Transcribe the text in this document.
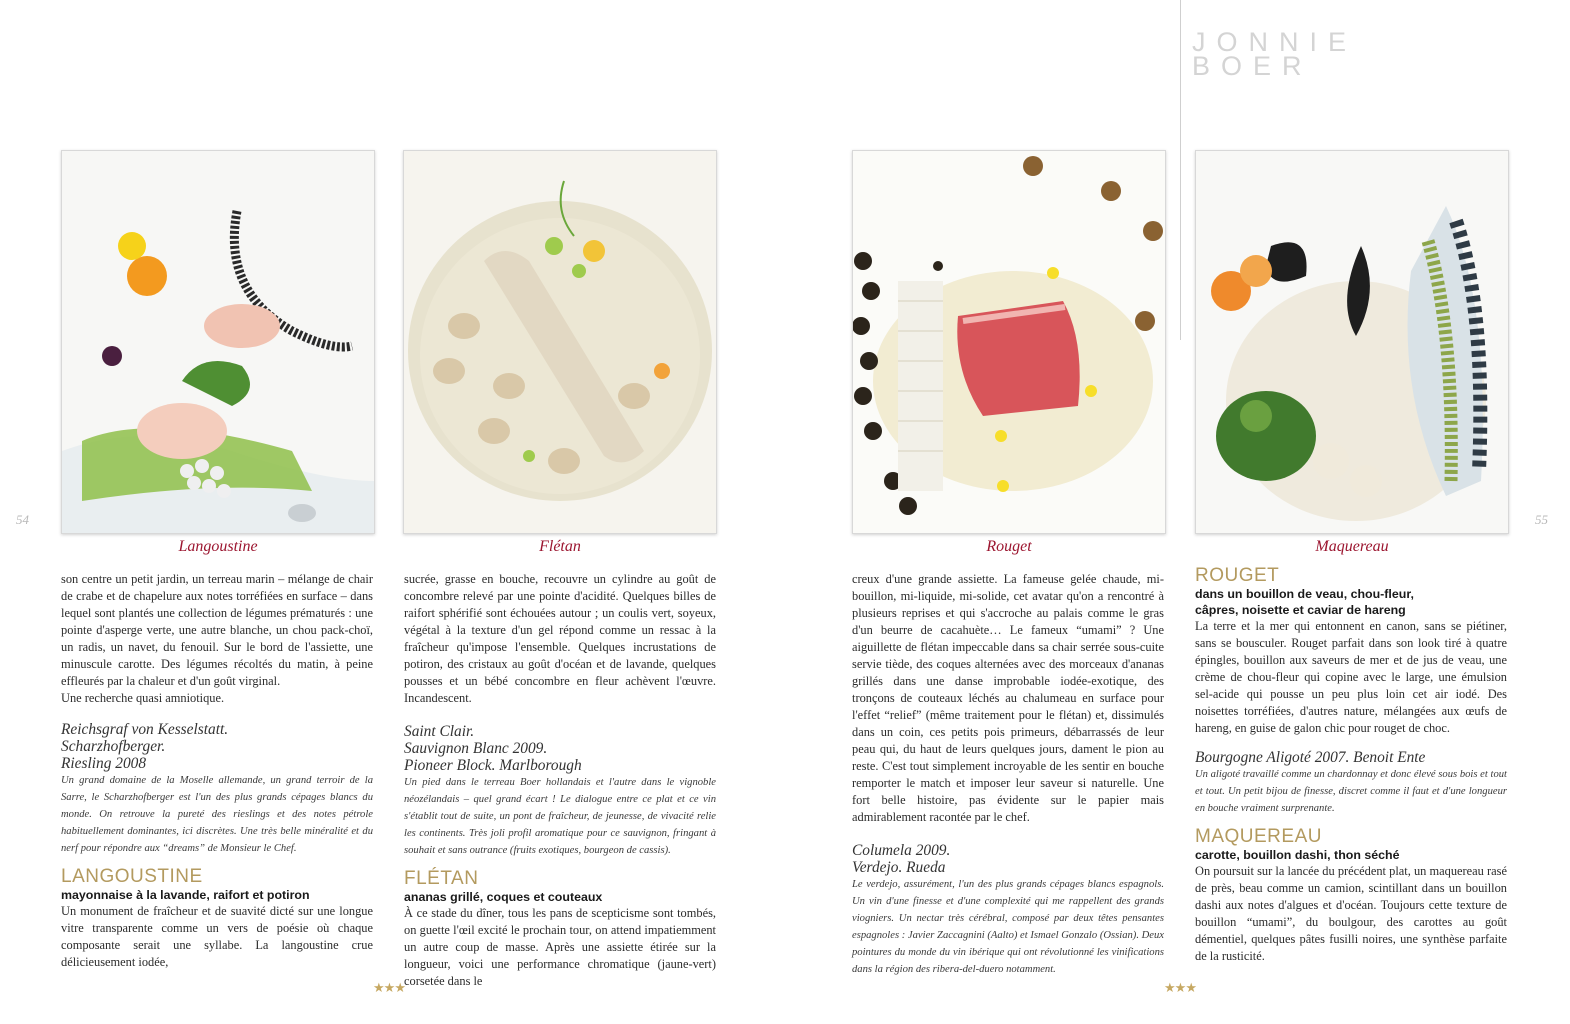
JONNIE
BOER
54	55
Langoustine	Flétan	Rouget	Maquereau

son centre un petit jardin, un terreau marin – mélange de chair de crabe et de chapelure aux notes torréfiées en surface – dans lequel sont plantés une collection de légumes prématurés : une pointe d'asperge verte, une autre blanche, un chou pack-choï, un radis, un navet, du fenouil. Sur le bord de l'assiette, une minuscule carotte. Des légumes récoltés du matin, à peine effleurés par la chaleur et d'un goût virginal.

Une recherche quasi amniotique.

Reichsgraf von Kesselstatt.

Scharzhofberger.

Riesling 2008

Un grand domaine de la Moselle allemande, un grand terroir de la Sarre, le Scharzhofberger est l'un des plus grands cépages blancs du monde. On retrouve la pureté des rieslings et des notes pétrole habituellement dominantes, ici discrètes. Une très belle minéralité et du nerf pour répondre aux “dreams” de Monsieur le Chef.

LANGOUSTINE

mayonnaise à la lavande, raifort et potiron

Un monument de fraîcheur et de suavité dicté sur une longue vitre transparente comme un vers de poésie où chaque composante serait une syllabe. La langoustine crue délicieusement iodée,

sucrée, grasse en bouche, recouvre un cylindre au goût de concombre relevé par une pointe d'acidité. Quelques billes de raifort sphérifié sont échouées autour ; un coulis vert, soyeux, végétal à la texture d'un gel répond comme un ressac à la fraîcheur qu'impose l'ensemble. Quelques incrustations de potiron, des cristaux au goût d'océan et de lavande, quelques pousses et un bébé concombre en fleur achèvent l'œuvre. Incandescent.

Saint Clair.

Sauvignon Blanc 2009.

Pioneer Block. Marlborough

Un pied dans le terreau Boer hollandais et l'autre dans le vignoble néozélandais – quel grand écart ! Le dialogue entre ce plat et ce vin s'établit tout de suite, un pont de fraîcheur, de jeunesse, de vivacité relie les continents. Très joli profil aromatique pour ce sauvignon, fringant à souhait et sans outrance (fruits exotiques, bourgeon de cassis).

FLÉTAN

ananas grillé, coques et couteaux

À ce stade du dîner, tous les pans de scepticisme sont tombés, on guette l'œil excité le prochain tour, on attend impatiemment un autre coup de masse. Après une assiette étirée sur la longueur, voici une performance chromatique (jaune-vert) corsetée dans le

creux d'une grande assiette. La fameuse gelée chaude, mi-bouillon, mi-liquide, mi-solide, cet avatar qu'on a rencontré à plusieurs reprises et qui s'accroche au palais comme le gras d'un beurre de cacahuète… Le fameux “umami” ? Une aiguillette de flétan impeccable dans sa chair serrée sous-cuite servie tiède, des coques alternées avec des morceaux d'ananas grillés dans une danse improbable iodée-exotique, des tronçons de couteaux léchés au chalumeau en surface pour l'effet “relief” (même traitement pour le flétan) et, dissimulés dans un coin, ces petits pois primeurs, débarrassés de leur peau qui, du haut de leurs quelques jours, dament le pion au reste. C'est tout simplement incroyable de les sentir en bouche remporter le match et imposer leur saveur si naturelle. Une fort belle histoire, pas évidente sur le papier mais admirablement racontée par le chef.

Columela 2009.

Verdejo. Rueda

Le verdejo, assurément, l'un des plus grands cépages blancs espagnols. Un vin d'une finesse et d'une complexité qui me rappellent des grands viogniers. Un nectar très cérébral, composé par deux têtes pensantes espagnoles : Javier Zaccagnini (Aalto) et Ismael Gonzalo (Ossian). Deux pointures du monde du vin ibérique qui ont révolutionné les vinifications dans la région des ribera-del-duero notamment.

ROUGET

dans un bouillon de veau, chou-fleur,

câpres, noisette et caviar de hareng

La terre et la mer qui entonnent en canon, sans se piétiner, sans se bousculer. Rouget parfait dans son look tiré à quatre épingles, bouillon aux saveurs de mer et de jus de veau, une crème de chou-fleur qui copine avec le large, une émulsion sel-acide qui pousse un peu plus loin cet air iodé. Des noisettes torréfiées, d'autres nature, mélangées aux œufs de hareng, en guise de galon chic pour rouget de choc.

Bourgogne Aligoté 2007. Benoit Ente

Un aligoté travaillé comme un chardonnay et donc élevé sous bois et tout et tout. Un petit bijou de finesse, discret comme il faut et d'une longueur en bouche vraiment surprenante.

MAQUEREAU

carotte, bouillon dashi, thon séché

On poursuit sur la lancée du précédent plat, un maquereau rasé de près, beau comme un camion, scintillant dans un bouillon dashi aux notes d'algues et d'océan. Toujours cette texture de bouillon “umami”, du boulgour, des carottes au goût démentiel, quelques pâtes fusilli noires, une synthèse parfaite de la rusticité.

★★★	★★★
